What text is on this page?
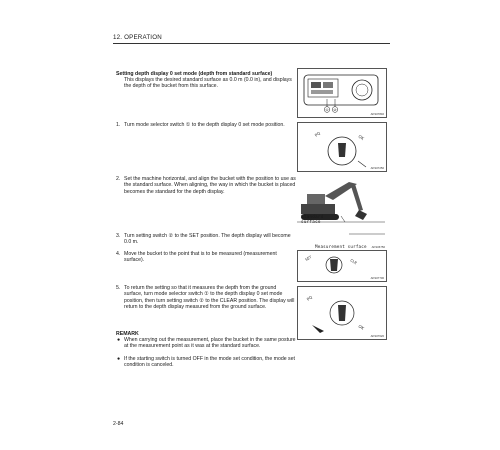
12. OPERATION
Setting depth display 0 set mode (depth from standard surface)
This displays the desired standard surface as 0.0 m (0.0 in), and displays the depth of the bucket from this surface.
① ②
AKS07840
1. Turn mode selector switch ① to the depth display 0 set mode position.
PQ	OK
AKS07250
2. Set the machine horizontal, and align the bucket with the position to use as the standard surface. When aligning, the way in which the bucket is placed becomes the standard for the depth display.
Standard
surface
Measurement surface AKS06750
3. Turn setting switch ② to the SET position. The depth display will become 0.0 m.
SET	CLR
AKS07700
4. Move the bucket to the point that is to be measured (measurement surface).
5. To return the setting so that it measures the depth from the ground surface, turn mode selector switch ① to the depth display 0 set mode position, then turn setting switch ② to the CLEAR position. The display will return to the depth display measured from the ground surface.
PQ
OK
AKS07620
REMARK
● When carrying out the measurement, place the bucket in the same posture at the measurement point as it was at the standard surface.
● If the starting switch is turned OFF in the mode set condition, the mode set condition is canceled.
2-84
